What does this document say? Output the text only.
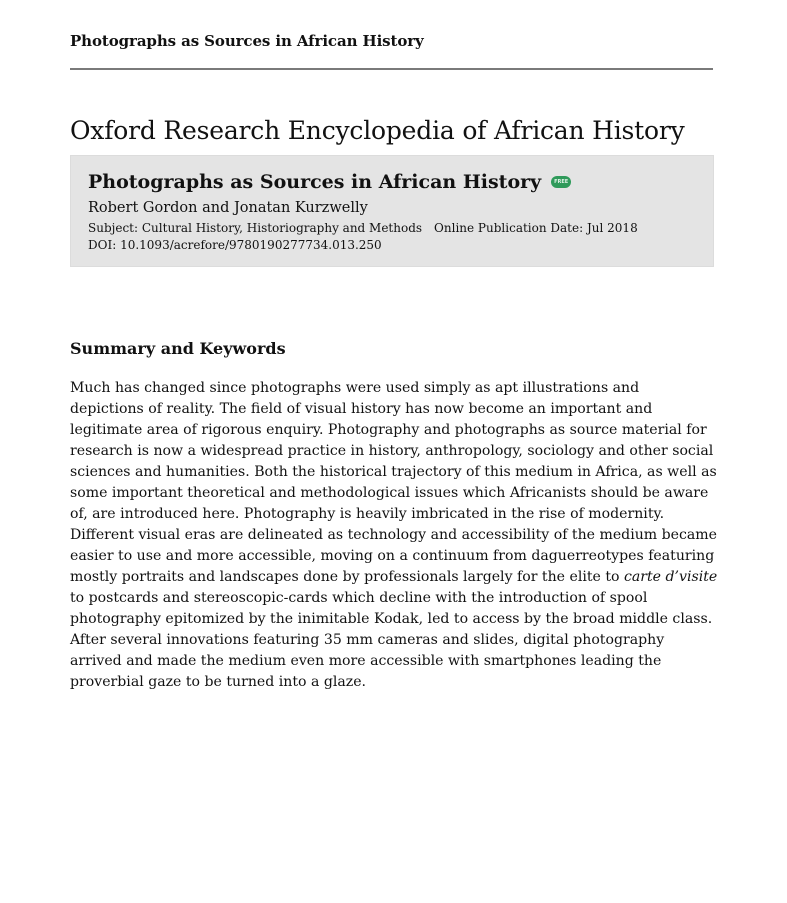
Photographs as Sources in African History
Oxford Research Encyclopedia of African History
Photographs as Sources in African History	FREE
Robert Gordon and Jonatan Kurzwelly
Subject: Cultural History, Historiography and Methods Online Publication Date: Jul 2018
DOI: 10.1093/acrefore/9780190277734.013.250
Summary and Keywords
Much has changed since photographs were used simply as apt illustrations and
depictions of reality. The field of visual history has now become an important and
legitimate area of rigorous enquiry. Photography and photographs as source material for
research is now a widespread practice in history, anthropology, sociology and other social
sciences and humanities. Both the historical trajectory of this medium in Africa, as well as
some important theoretical and methodological issues which Africanists should be aware
of, are introduced here. Photography is heavily imbricated in the rise of modernity.
Different visual eras are delineated as technology and accessibility of the medium became
easier to use and more accessible, moving on a continuum from daguerreotypes featuring
mostly portraits and landscapes done by professionals largely for the elite to carte d’visite
to postcards and stereoscopic-cards which decline with the introduction of spool
photography epitomized by the inimitable Kodak, led to access by the broad middle class.
After several innovations featuring 35 mm cameras and slides, digital photography
arrived and made the medium even more accessible with smartphones leading the
proverbial gaze to be turned into a glaze.
